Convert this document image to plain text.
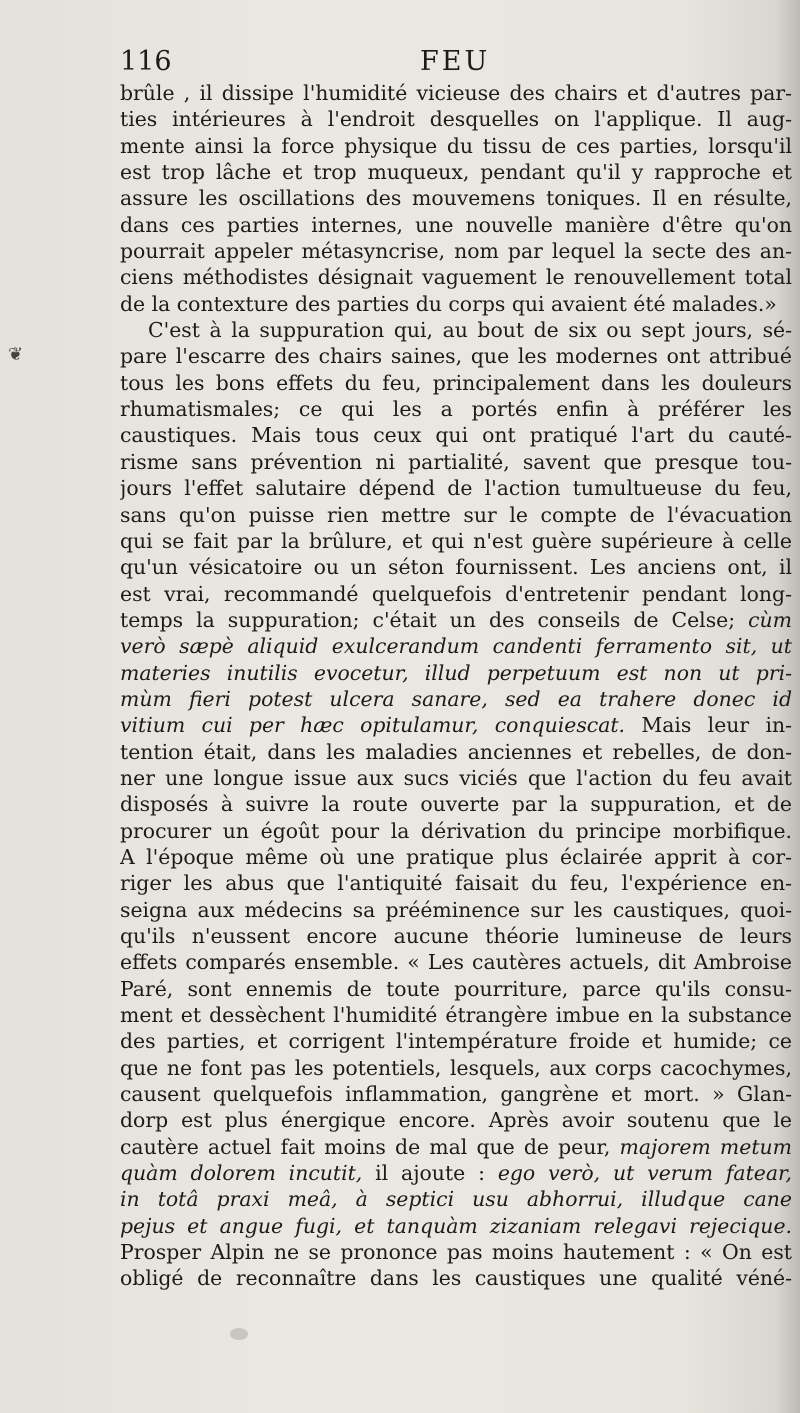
116	FEU
❦
brûle , il dissipe l'humidité vicieuse des chairs et d'autres par-
ties intérieures à l'endroit desquelles on l'applique. Il aug-
mente ainsi la force physique du tissu de ces parties, lorsqu'il
est trop lâche et trop muqueux, pendant qu'il y rapproche et
assure les oscillations des mouvemens toniques. Il en résulte,
dans ces parties internes, une nouvelle manière d'être qu'on
pourrait appeler métasyncrise, nom par lequel la secte des an-
ciens méthodistes désignait vaguement le renouvellement total
de la contexture des parties du corps qui avaient été malades.»
C'est à la suppuration qui, au bout de six ou sept jours, sé-
pare l'escarre des chairs saines, que les modernes ont attribué
tous les bons effets du feu, principalement dans les douleurs
rhumatismales; ce qui les a portés enfin à préférer les
caustiques. Mais tous ceux qui ont pratiqué l'art du cauté-
risme sans prévention ni partialité, savent que presque tou-
jours l'effet salutaire dépend de l'action tumultueuse du feu,
sans qu'on puisse rien mettre sur le compte de l'évacuation
qui se fait par la brûlure, et qui n'est guère supérieure à celle
qu'un vésicatoire ou un séton fournissent. Les anciens ont, il
est vrai, recommandé quelquefois d'entretenir pendant long-
temps la suppuration; c'était un des conseils de Celse; cùm
verò sæpè aliquid exulcerandum candenti ferramento sit, ut
materies inutilis evocetur, illud perpetuum est non ut pri-
mùm fieri potest ulcera sanare, sed ea trahere donec id
vitium cui per hæc opitulamur, conquiescat. Mais leur in-
tention était, dans les maladies anciennes et rebelles, de don-
ner une longue issue aux sucs viciés que l'action du feu avait
disposés à suivre la route ouverte par la suppuration, et de
procurer un égoût pour la dérivation du principe morbifique.
A l'époque même où une pratique plus éclairée apprit à cor-
riger les abus que l'antiquité faisait du feu, l'expérience en-
seigna aux médecins sa prééminence sur les caustiques, quoi-
qu'ils n'eussent encore aucune théorie lumineuse de leurs
effets comparés ensemble. « Les cautères actuels, dit Ambroise
Paré, sont ennemis de toute pourriture, parce qu'ils consu-
ment et dessèchent l'humidité étrangère imbue en la substance
des parties, et corrigent l'intempérature froide et humide; ce
que ne font pas les potentiels, lesquels, aux corps cacochymes,
causent quelquefois inflammation, gangrène et mort. » Glan-
dorp est plus énergique encore. Après avoir soutenu que le
cautère actuel fait moins de mal que de peur, majorem metum
quàm dolorem incutit, il ajoute : ego verò, ut verum fatear,
in totâ praxi meâ, à septici usu abhorrui, illudque cane
pejus et angue fugi, et tanquàm zizaniam relegavi rejecique.
Prosper Alpin ne se prononce pas moins hautement : « On est
obligé de reconnaître dans les caustiques une qualité véné-
